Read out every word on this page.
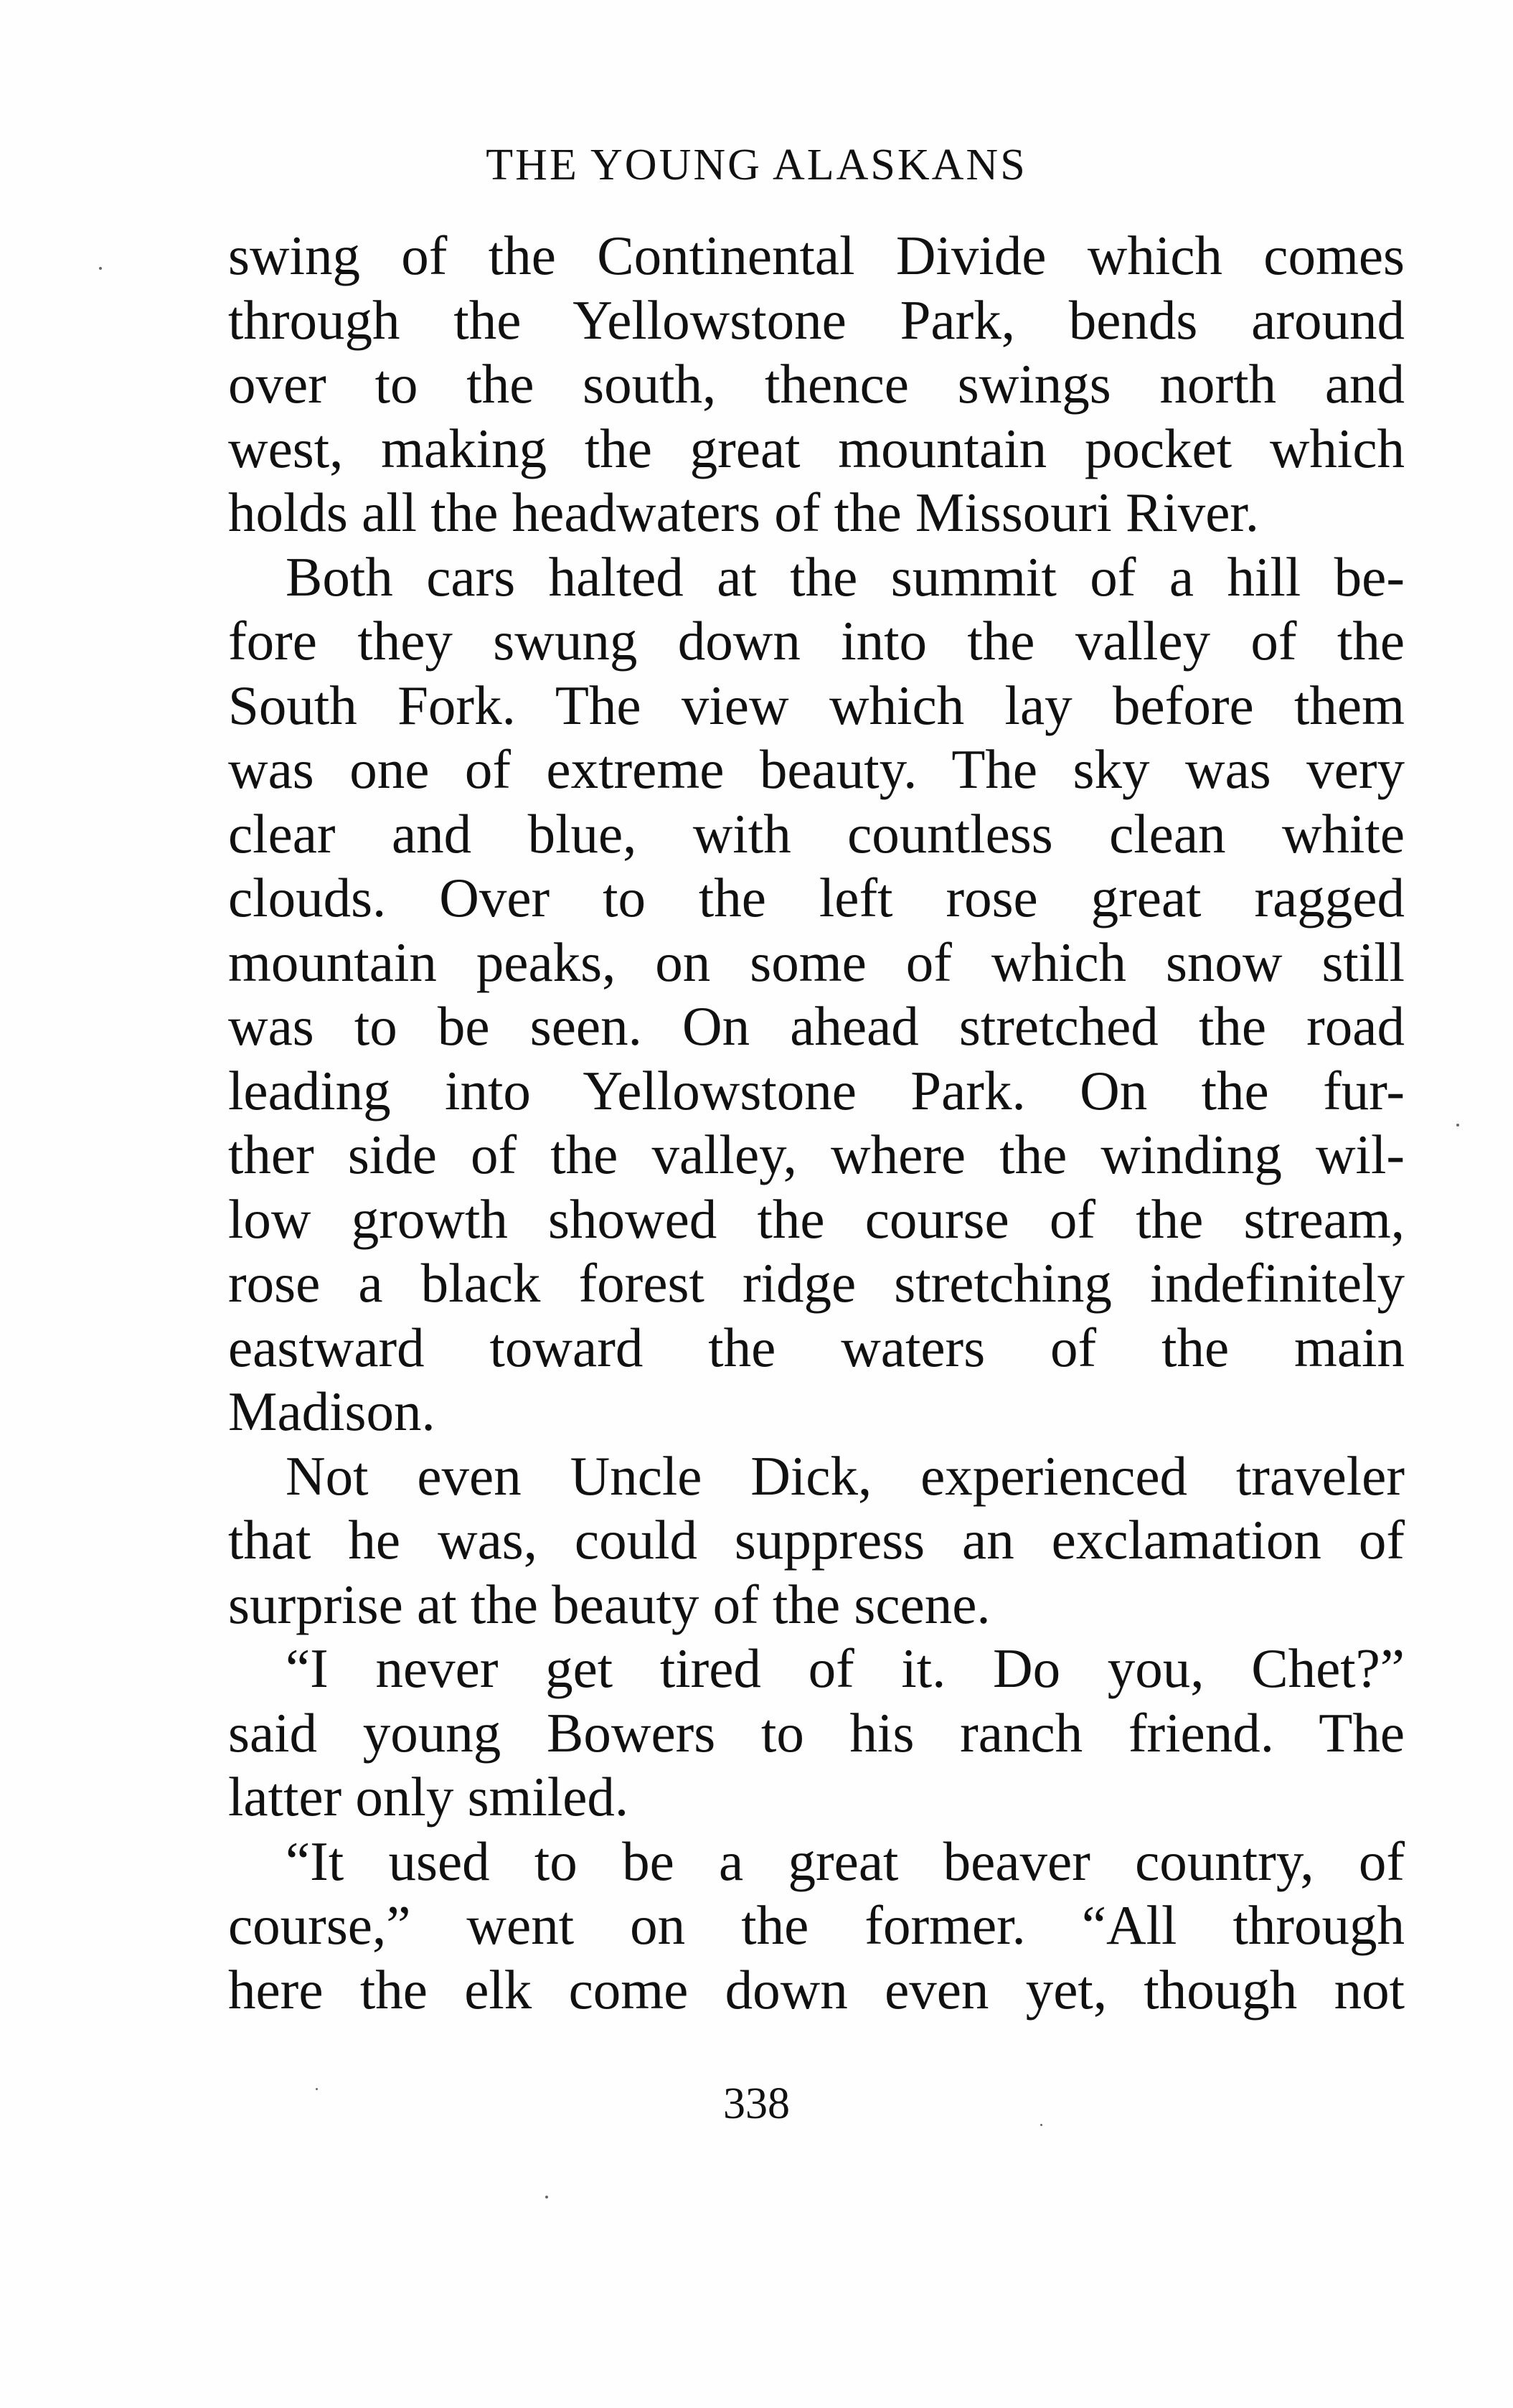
THE YOUNG ALASKANS
swing of the Continental Divide which comes
through the Yellowstone Park, bends around
over to the south, thence swings north and
west, making the great mountain pocket which
holds all the headwaters of the Missouri River.
Both cars halted at the summit of a hill be-
fore they swung down into the valley of the
South Fork. The view which lay before them
was one of extreme beauty. The sky was very
clear and blue, with countless clean white
clouds. Over to the left rose great ragged
mountain peaks, on some of which snow still
was to be seen. On ahead stretched the road
leading into Yellowstone Park. On the fur-
ther side of the valley, where the winding wil-
low growth showed the course of the stream,
rose a black forest ridge stretching indefinitely
eastward toward the waters of the main
Madison.
Not even Uncle Dick, experienced traveler
that he was, could suppress an exclamation of
surprise at the beauty of the scene.
“I never get tired of it. Do you, Chet?”
said young Bowers to his ranch friend. The
latter only smiled.
“It used to be a great beaver country, of
course,” went on the former. “All through
here the elk come down even yet, though not
338
